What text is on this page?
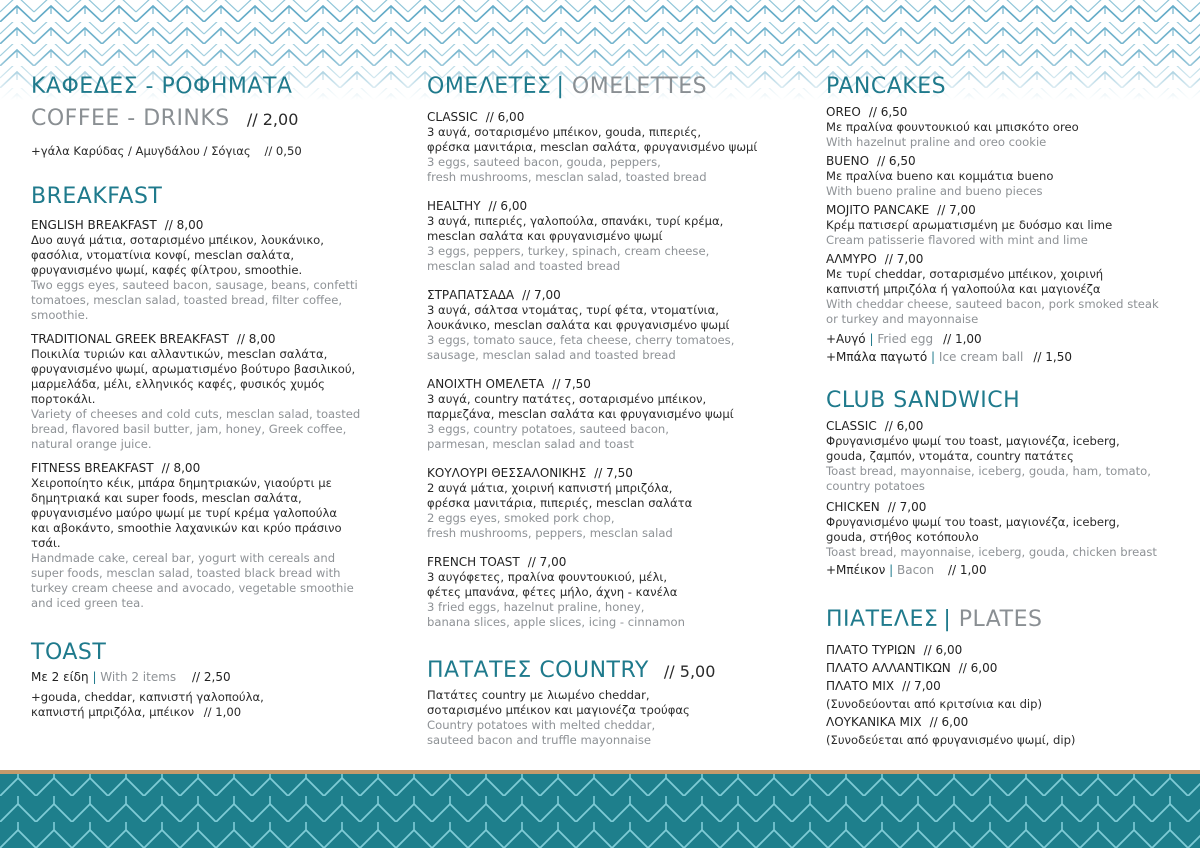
ΚΑΦΕΔΕΣ - ΡΟΦΗΜΑΤΑ
COFFEE - DRINKS // 2,00
+γάλα Καρύδας / Αμυγδάλου / Σόγιας // 0,50
BREAKFAST
ENGLISH BREAKFAST // 8,00
Δυο αυγά μάτια, σοταρισμένο μπέικον, λουκάνικο,
φασόλια, ντοματίνια κονφί, mesclan σαλάτα,
φρυγανισμένο ψωμί, καφές φίλτρου, smoothie.
Two eggs eyes, sauteed bacon, sausage, beans, confetti
tomatoes, mesclan salad, toasted bread, filter coffee,
smoothie.
TRADITIONAL GREEK BREAKFAST // 8,00
Ποικιλία τυριών και αλλαντικών, mesclan σαλάτα,
φρυγανισμένο ψωμί, αρωματισμένο βούτυρο βασιλικού,
μαρμελάδα, μέλι, ελληνικός καφές, φυσικός χυμός
πορτοκάλι.
Variety of cheeses and cold cuts, mesclan salad, toasted
bread, flavored basil butter, jam, honey, Greek coffee,
natural orange juice.
FITNESS BREAKFAST // 8,00
Χειροποίητο κέικ, μπάρα δημητριακών, γιαούρτι με
δημητριακά και super foods, mesclan σαλάτα,
φρυγανισμένο μαύρο ψωμί με τυρί κρέμα γαλοπούλα
και αβοκάντο, smoothie λαχανικών και κρύο πράσινο
τσάι.
Handmade cake, cereal bar, yogurt with cereals and
super foods, mesclan salad, toasted black bread with
turkey cream cheese and avocado, vegetable smoothie
and iced green tea.
TOAST
Με 2 είδη | With 2 items // 2,50
+gouda, cheddar, καπνιστή γαλοπούλα,
καπνιστή μπριζόλα, μπέικον // 1,00
ΟΜΕΛΕΤΕΣ | OMELETTES
CLASSIC // 6,00
3 αυγά, σοταρισμένο μπέικον, gouda, πιπεριές,
φρέσκα μανιτάρια, mesclan σαλάτα, φρυγανισμένο ψωμί
3 eggs, sauteed bacon, gouda, peppers,
fresh mushrooms, mesclan salad, toasted bread
HEALTHY // 6,00
3 αυγά, πιπεριές, γαλοπούλα, σπανάκι, τυρί κρέμα,
mesclan σαλάτα και φρυγανισμένο ψωμί
3 eggs, peppers, turkey, spinach, cream cheese,
mesclan salad and toasted bread
ΣΤΡΑΠΑΤΣΑΔΑ // 7,00
3 αυγά, σάλτσα ντομάτας, τυρί φέτα, ντοματίνια,
λουκάνικο, mesclan σαλάτα και φρυγανισμένο ψωμί
3 eggs, tomato sauce, feta cheese, cherry tomatoes,
sausage, mesclan salad and toasted bread
ΑΝΟΙΧΤΗ ΟΜΕΛΕΤΑ // 7,50
3 αυγά, country πατάτες, σοταρισμένο μπέικον,
παρμεζάνα, mesclan σαλάτα και φρυγανισμένο ψωμί
3 eggs, country potatoes, sauteed bacon,
parmesan, mesclan salad and toast
ΚΟΥΛΟΥΡΙ ΘΕΣΣΑΛΟΝΙΚΗΣ // 7,50
2 αυγά μάτια, χοιρινή καπνιστή μπριζόλα,
φρέσκα μανιτάρια, πιπεριές, mesclan σαλάτα
2 eggs eyes, smoked pork chop,
fresh mushrooms, peppers, mesclan salad
FRENCH TOAST // 7,00
3 αυγόφετες, πραλίνα φουντουκιού, μέλι,
φέτες μπανάνα, φέτες μήλο, άχνη - κανέλα
3 fried eggs, hazelnut praline, honey,
banana slices, apple slices, icing - cinnamon
ΠΑΤΑΤΕΣ COUNTRY // 5,00
Πατάτες country με λιωμένο cheddar,
σοταρισμένο μπέικον και μαγιονέζα τρούφας
Country potatoes with melted cheddar,
sauteed bacon and truffle mayonnaise
PANCAKES
OREO // 6,50
Με πραλίνα φουντουκιού και μπισκότο oreo
With hazelnut praline and oreo cookie
BUENO // 6,50
Με πραλίνα bueno και κομμάτια bueno
With bueno praline and bueno pieces
MOJITO PANCAKE // 7,00
Κρέμ πατισερί αρωματισμένη με δυόσμο και lime
Cream patisserie flavored with mint and lime
ΑΛΜΥΡΟ // 7,00
Με τυρί cheddar, σοταρισμένο μπέικον, χοιρινή
καπνιστή μπριζόλα ή γαλοπούλα και μαγιονέζα
With cheddar cheese, sauteed bacon, pork smoked steak
or turkey and mayonnaise
+Αυγό | Fried egg // 1,00
+Μπάλα παγωτό | Ice cream ball // 1,50
CLUB SANDWICH
CLASSIC // 6,00
Φρυγανισμένο ψωμί του toast, μαγιονέζα, iceberg,
gouda, ζαμπόν, ντομάτα, country πατάτες
Toast bread, mayonnaise, iceberg, gouda, ham, tomato,
country potatoes
CHICKEN // 7,00
Φρυγανισμένο ψωμί του toast, μαγιονέζα, iceberg,
gouda, στήθος κοτόπουλο
Toast bread, mayonnaise, iceberg, gouda, chicken breast
+Μπέικον | Bacon // 1,00
ΠΙΑΤΕΛΕΣ | PLATES
ΠΛΑΤΟ ΤΥΡΙΩΝ // 6,00
ΠΛΑΤΟ ΑΛΛΑΝΤΙΚΩΝ // 6,00
ΠΛΑΤΟ MIX // 7,00
(Συνοδεύονται από κριτσίνια και dip)
ΛΟΥΚΑΝΙΚΑ MIX // 6,00
(Συνοδεύεται από φρυγανισμένο ψωμί, dip)
